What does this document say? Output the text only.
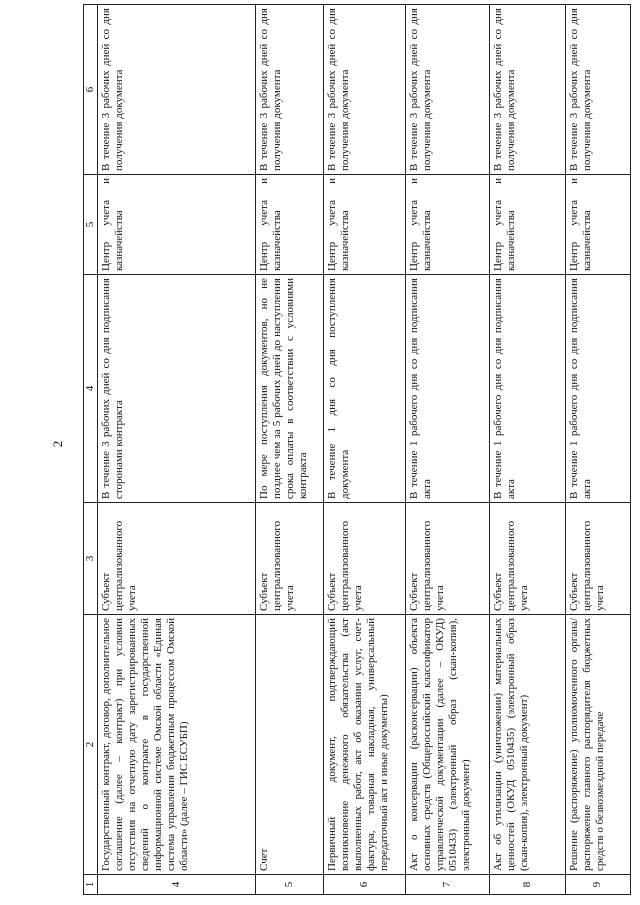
2
1	2	3	4	5	6
4	Государственный контракт, договор, дополнительное соглашение (далее – контракт) при условии отсутствия на отчетную дату зарегистрированных сведений о контракте в государственной информационной системе Омской области «Единая система управления бюджетным процессом Омской области» (далее – ГИС ЕСУБП)	Субъект централизованного учета	В течение 3 рабочих дней со дня подписания сторонами контракта	Центр учета и казначейства	В течение 3 рабочих дней со дня получения документа
5	Счет	Субъект централизованного учета	По мере поступления документов, но не позднее чем за 5 рабочих дней до наступления срока оплаты в соответствии с условиями контракта	Центр учета и казначейства	В течение 3 рабочих дней со дня получения документа
6	Первичный документ, подтверждающий возникновение денежного обязательства (акт выполненных работ, акт об оказании услуг, счет-фактура, товарная накладная, универсальный передаточный акт и иные документы)	Субъект централизованного учета	В течение 1 дня со дня поступления документа	Центр учета и казначейства	В течение 3 рабочих дней со дня получения документа
7	Акт о консервации (расконсервации) объекта основных средств (Общероссийский классификатор управленческой документации (далее – ОКУД) 0510433) (электронный образ (скан-копия), электронный документ)	Субъект централизованного учета	В течение 1 рабочего дня со дня подписания акта	Центр учета и казначейства	В течение 3 рабочих дней со дня получения документа
8	Акт об утилизации (уничтожении) материальных ценностей (ОКУД 0510435) (электронный образ (скан-копия), электронный документ)	Субъект централизованного учета	В течение 1 рабочего дня со дня подписания акта	Центр учета и казначейства	В течение 3 рабочих дней со дня получения документа
9	Решение (распоряжение) уполномоченного органа/распоряжение главного распорядителя бюджетных средств о безвозмездной передаче	Субъект централизованного учета	В течение 1 рабочего дня со дня подписания акта	Центр учета и казначейства	В течение 3 рабочих дней со дня получения документа
